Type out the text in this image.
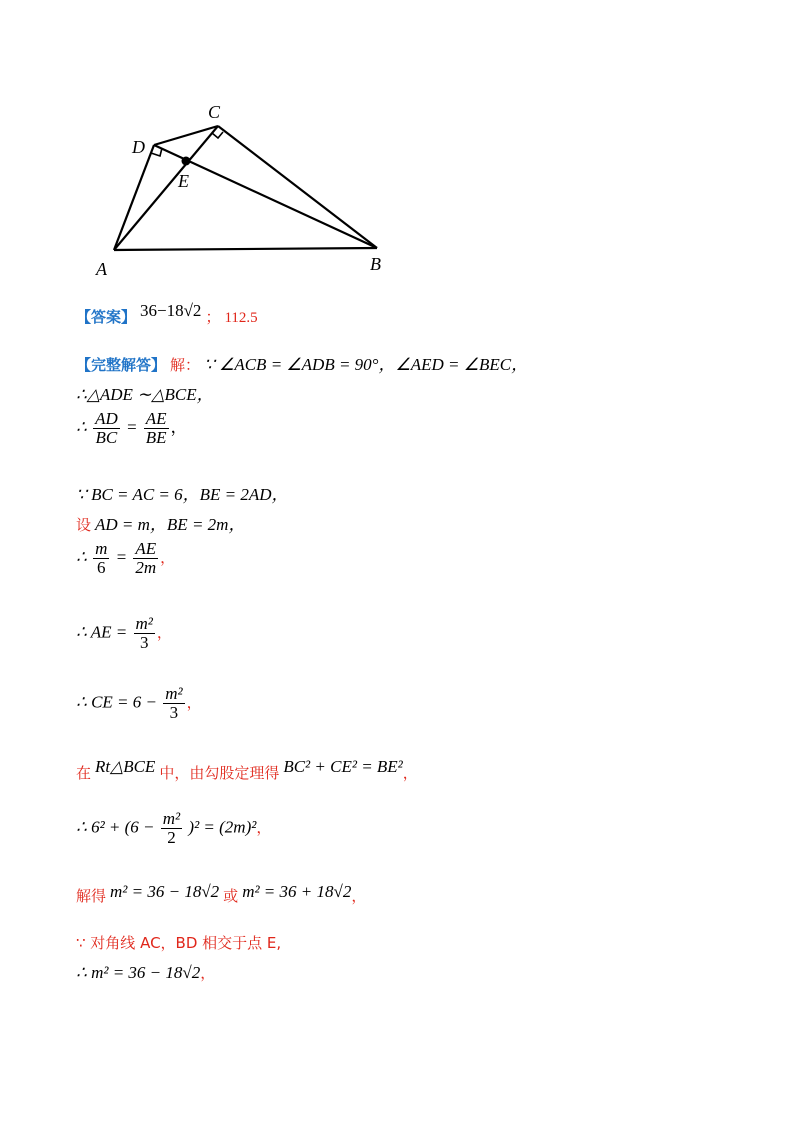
A	B
C
D
E
【答案】 36−18√2 ； 112.5
【完整解答】 解： ∵ ∠ACB = ∠ADB = 90°，∠AED = ∠BEC，
∴△ADE ∼△BCE，
∴ $\frac{AD}{BC} = \frac{AE}{BE}$ ，
∵ BC = AC = 6，BE = 2AD，
设 AD = m，BE = 2m，
∴ $\frac{m}{6} = \frac{AE}{2m}$ ，
∴ AE = $\frac{\text{m²}}{3}$ ，
∴ CE = $6 - \frac{\text{m²}}{3}$ ，
在 Rt△BCE 中，由勾股定理得 BC² + CE² = BE²，
∴ $6^2 + (6 - \frac{\text{m²}}{2} )^2 = (2m)^2$，
解得 m² = 36 − 18√2 或 m² = 36 + 18√2，
∵ 对角线 AC，BD 相交于点 E,
∴ m² = 36 − 18√2，
